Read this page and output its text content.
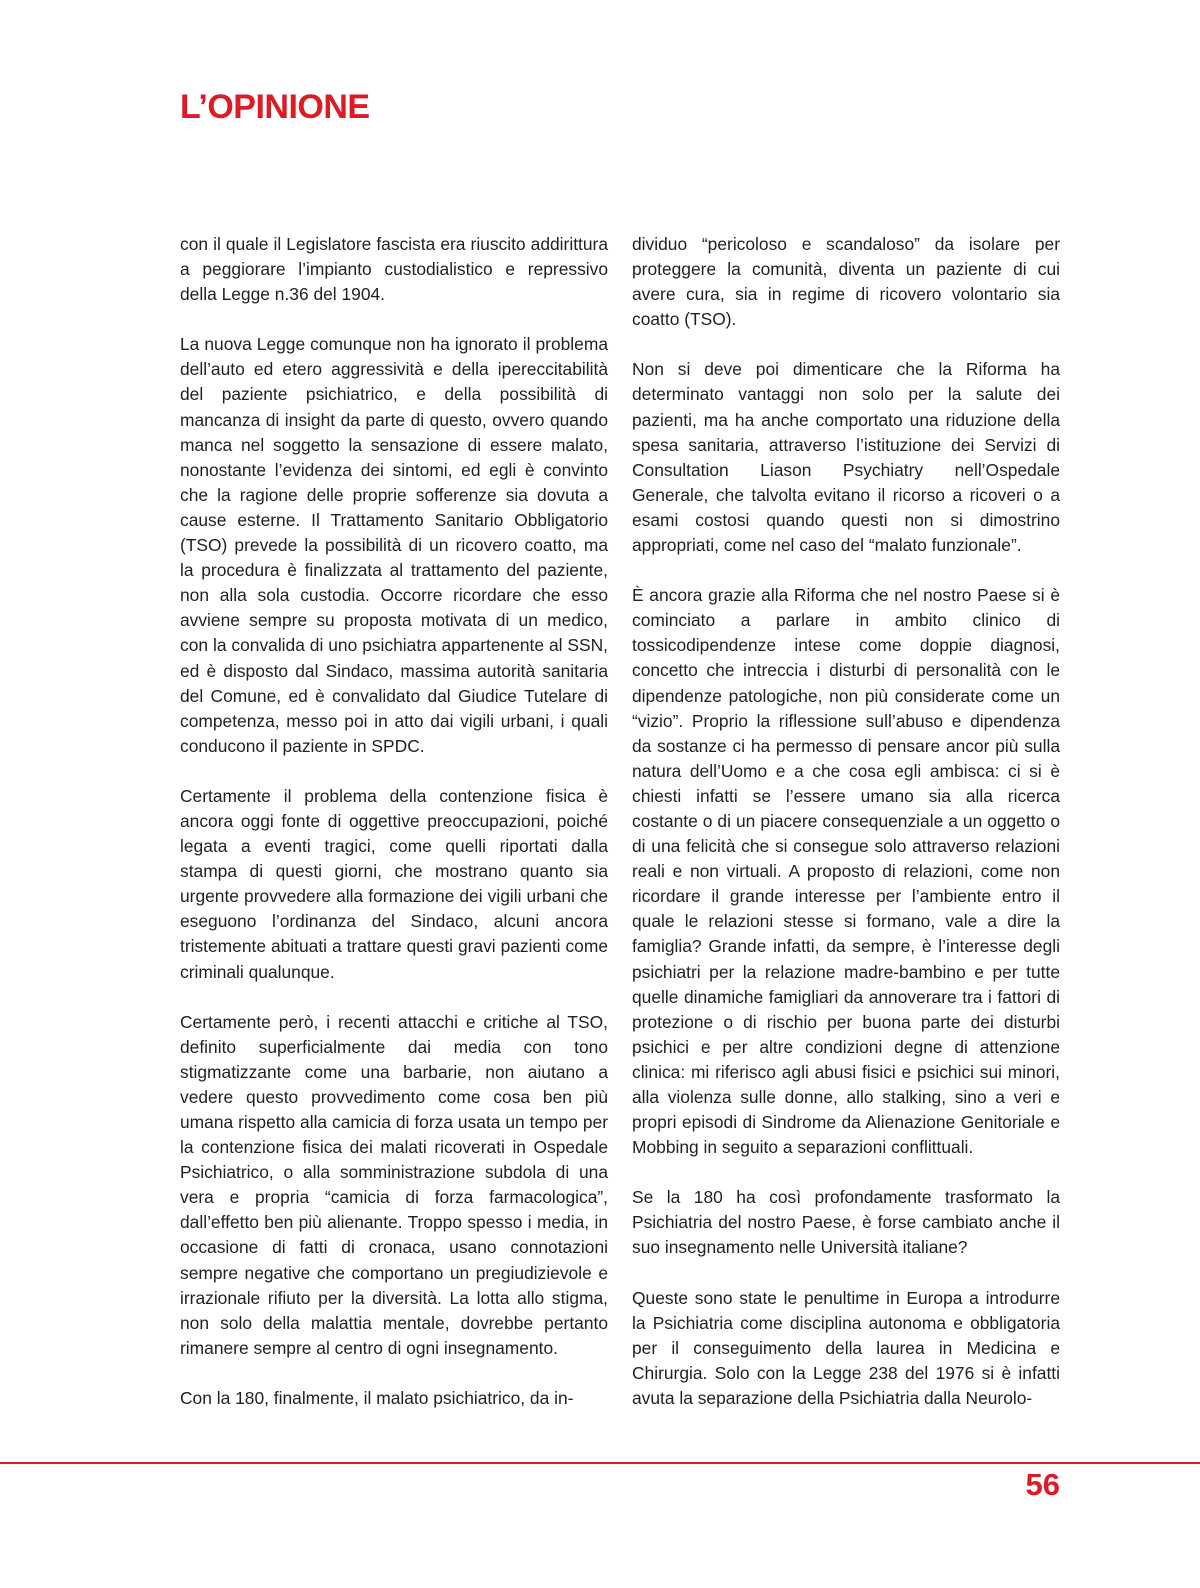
L’OPINIONE

con il quale il Legislatore fascista era riuscito addirittura a peggiorare l’impianto custodialistico e repressivo della Legge n.36 del 1904.

La nuova Legge comunque non ha ignorato il problema dell’auto ed etero aggressività e della ipereccitabilità del paziente psichiatrico, e della possibilità di mancanza di insight da parte di questo, ovvero quando manca nel soggetto la sensazione di essere malato, nonostante l’evidenza dei sintomi, ed egli è convinto che la ragione delle proprie sofferenze sia dovuta a cause esterne. Il Trattamento Sanitario Obbligatorio (TSO) prevede la possibilità di un ricovero coatto, ma la procedura è finalizzata al trattamento del paziente, non alla sola custodia. Occorre ricordare che esso avviene sempre su proposta motivata di un medico, con la convalida di uno psichiatra appartenente al SSN, ed è disposto dal Sindaco, massima autorità sanitaria del Comune, ed è convalidato dal Giudice Tutelare di competenza, messo poi in atto dai vigili urbani, i quali conducono il paziente in SPDC.

Certamente il problema della contenzione fisica è ancora oggi fonte di oggettive preoccupazioni, poiché legata a eventi tragici, come quelli riportati dalla stampa di questi giorni, che mostrano quanto sia urgente provvedere alla formazione dei vigili urbani che eseguono l’ordinanza del Sindaco, alcuni ancora tristemente abituati a trattare questi gravi pazienti come criminali qualunque.

Certamente però, i recenti attacchi e critiche al TSO, definito superficialmente dai media con tono stigmatizzante come una barbarie, non aiutano a vedere questo provvedimento come cosa ben più umana rispetto alla camicia di forza usata un tempo per la contenzione fisica dei malati ricoverati in Ospedale Psichiatrico, o alla somministrazione subdola di una vera e propria “camicia di forza farmacologica”, dall’effetto ben più alienante. Troppo spesso i media, in occasione di fatti di cronaca, usano connotazioni sempre negative che comportano un pregiudizievole e irrazionale rifiuto per la diversità. La lotta allo stigma, non solo della malattia mentale, dovrebbe pertanto rimanere sempre al centro di ogni insegnamento.

Con la 180, finalmente, il malato psichiatrico, da in-

dividuo “pericoloso e scandaloso” da isolare per proteggere la comunità, diventa un paziente di cui avere cura, sia in regime di ricovero volontario sia coatto (TSO).

Non si deve poi dimenticare che la Riforma ha determinato vantaggi non solo per la salute dei pazienti, ma ha anche comportato una riduzione della spesa sanitaria, attraverso l’istituzione dei Servizi di Consultation Liason Psychiatry nell’Ospedale Generale, che talvolta evitano il ricorso a ricoveri o a esami costosi quando questi non si dimostrino appropriati, come nel caso del “malato funzionale”.

È ancora grazie alla Riforma che nel nostro Paese si è cominciato a parlare in ambito clinico di tossicodipendenze intese come doppie diagnosi, concetto che intreccia i disturbi di personalità con le dipendenze patologiche, non più considerate come un “vizio”. Proprio la riflessione sull’abuso e dipendenza da sostanze ci ha permesso di pensare ancor più sulla natura dell’Uomo e a che cosa egli ambisca: ci si è chiesti infatti se l’essere umano sia alla ricerca costante o di un piacere consequenziale a un oggetto o di una felicità che si consegue solo attraverso relazioni reali e non virtuali. A proposto di relazioni, come non ricordare il grande interesse per l’ambiente entro il quale le relazioni stesse si formano, vale a dire la famiglia? Grande infatti, da sempre, è l’interesse degli psichiatri per la relazione madre-bambino e per tutte quelle dinamiche famigliari da annoverare tra i fattori di protezione o di rischio per buona parte dei disturbi psichici e per altre condizioni degne di attenzione clinica: mi riferisco agli abusi fisici e psichici sui minori, alla violenza sulle donne, allo stalking, sino a veri e propri episodi di Sindrome da Alienazione Genitoriale e Mobbing in seguito a separazioni conflittuali.

Se la 180 ha così profondamente trasformato la Psichiatria del nostro Paese, è forse cambiato anche il suo insegnamento nelle Università italiane?

Queste sono state le penultime in Europa a introdurre la Psichiatria come disciplina autonoma e obbligatoria per il conseguimento della laurea in Medicina e Chirurgia. Solo con la Legge 238 del 1976 si è infatti avuta la separazione della Psichiatria dalla Neurolo-

56
